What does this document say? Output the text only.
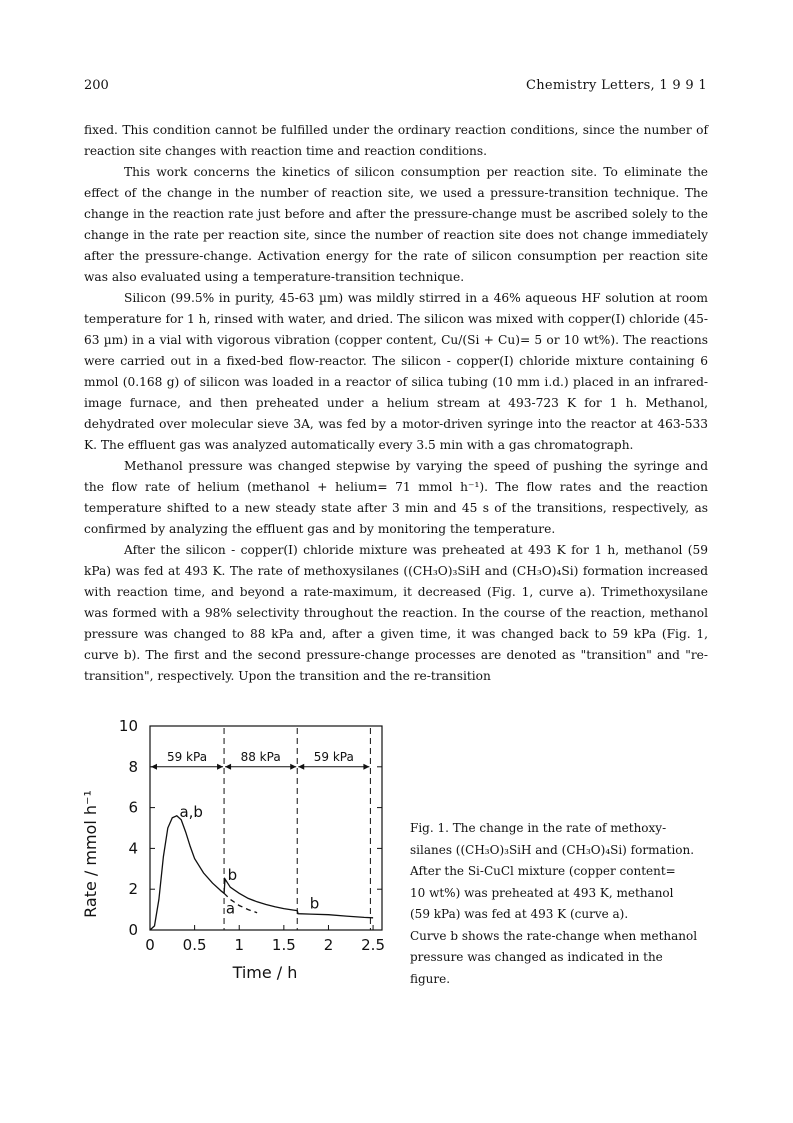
200	Chemistry Letters, 1 9 9 1

fixed. This condition cannot be fulfilled under the ordinary reaction conditions, since the number of reaction site changes with reaction time and reaction conditions.

This work concerns the kinetics of silicon consumption per reaction site. To eliminate the effect of the change in the number of reaction site, we used a pressure-transition technique. The change in the reaction rate just before and after the pressure-change must be ascribed solely to the change in the rate per reaction site, since the number of reaction site does not change immediately after the pressure-change. Activation energy for the rate of silicon consumption per reaction site was also evaluated using a temperature-transition technique.

Silicon (99.5% in purity, 45-63 µm) was mildly stirred in a 46% aqueous HF solution at room temperature for 1 h, rinsed with water, and dried. The silicon was mixed with copper(I) chloride (45-63 µm) in a vial with vigorous vibration (copper content, Cu/(Si + Cu)= 5 or 10 wt%). The reactions were carried out in a fixed-bed flow-reactor. The silicon - copper(I) chloride mixture containing 6 mmol (0.168 g) of silicon was loaded in a reactor of silica tubing (10 mm i.d.) placed in an infrared-image furnace, and then preheated under a helium stream at 493-723 K for 1 h. Methanol, dehydrated over molecular sieve 3A, was fed by a motor-driven syringe into the reactor at 463-533 K. The effluent gas was analyzed automatically every 3.5 min with a gas chromatograph.

Methanol pressure was changed stepwise by varying the speed of pushing the syringe and the flow rate of helium (methanol + helium= 71 mmol h⁻¹). The flow rates and the reaction temperature shifted to a new steady state after 3 min and 45 s of the transitions, respectively, as confirmed by analyzing the effluent gas and by monitoring the temperature.

After the silicon - copper(I) chloride mixture was preheated at 493 K for 1 h, methanol (59 kPa) was fed at 493 K. The rate of methoxysilanes ((CH₃O)₃SiH and (CH₃O)₄Si) formation increased with reaction time, and beyond a rate-maximum, it decreased (Fig. 1, curve a). Trimethoxysilane was formed with a 98% selectivity throughout the reaction. In the course of the reaction, methanol pressure was changed to 88 kPa and, after a given time, it was changed back to 59 kPa (Fig. 1, curve b). The first and the second pressure-change processes are denoted as "transition" and "re-transition", respectively. Upon the transition and the re-transition

Rate / mmol h⁻¹
Time / h
0
2
4
6
8
10
0 0.5 1 1.5 2 2.5
59 kPa	88 kPa	59 kPa
a,b
b
a	b

Fig. 1. The change in the rate of methoxy-

silanes ((CH₃O)₃SiH and (CH₃O)₄Si) formation.

After the Si-CuCl mixture (copper content=

10 wt%) was preheated at 493 K, methanol

(59 kPa) was fed at 493 K (curve a).

Curve b shows the rate-change when methanol

pressure was changed as indicated in the

figure.
